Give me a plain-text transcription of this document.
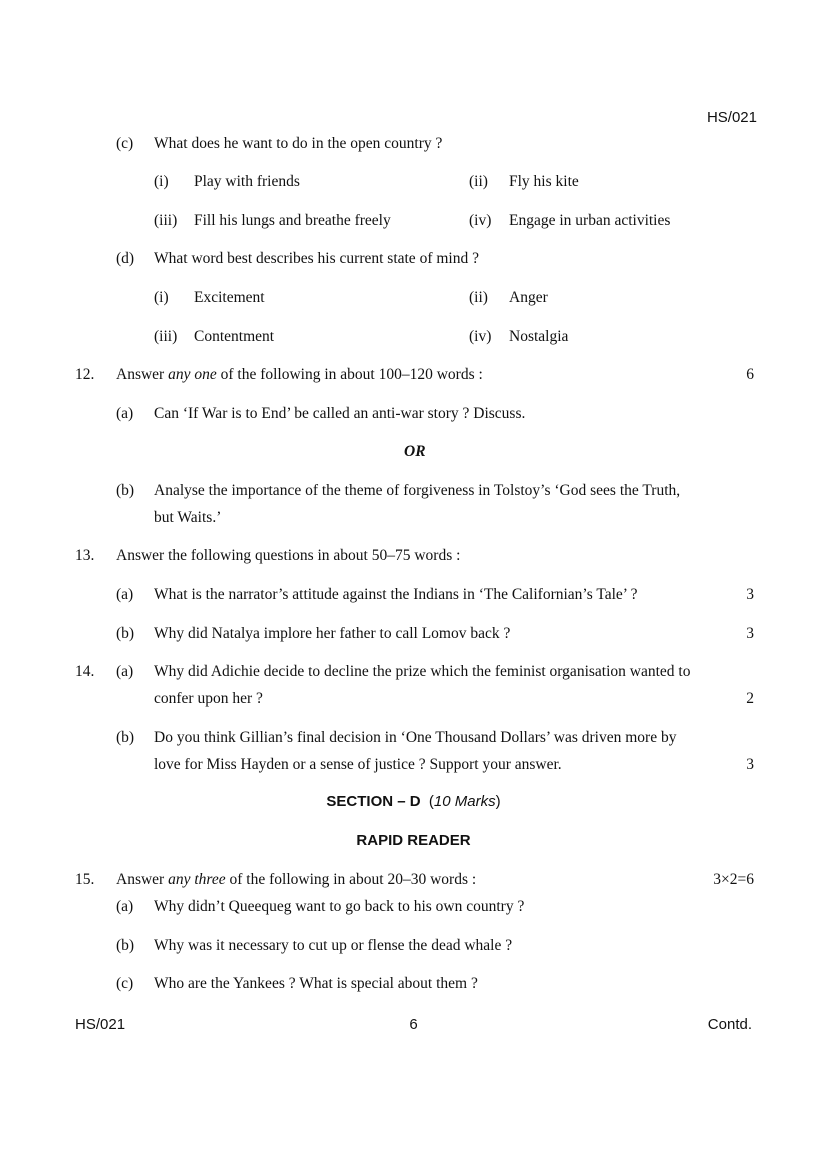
HS/021
(c) What does he want to do in the open country ?
(i) Play with friends	(ii) Fly his kite
(iii) Fill his lungs and breathe freely	(iv) Engage in urban activities
(d) What word best describes his current state of mind ?
(i) Excitement	(ii) Anger
(iii) Contentment	(iv) Nostalgia
12. Answer any one of the following in about 100–120 words :	6
(a) Can ‘If War is to End’ be called an anti-war story ? Discuss.
OR
(b) Analyse the importance of the theme of forgiveness in Tolstoy’s ‘God sees the Truth,
but Waits.’
13. Answer the following questions in about 50–75 words :
(a) What is the narrator’s attitude against the Indians in ‘The Californian’s Tale’ ?	3
(b) Why did Natalya implore her father to call Lomov back ?	3
14. (a) Why did Adichie decide to decline the prize which the feminist organisation wanted to
confer upon her ?	2
(b) Do you think Gillian’s final decision in ‘One Thousand Dollars’ was driven more by
love for Miss Hayden or a sense of justice ? Support your answer.	3
SECTION – D  (10 Marks)
RAPID READER
15. Answer any three of the following in about 20–30 words :	3×2=6
(a) Why didn’t Queequeg want to go back to his own country ?
(b) Why was it necessary to cut up or flense the dead whale ?
(c) Who are the Yankees ? What is special about them ?
HS/021	6	Contd.
